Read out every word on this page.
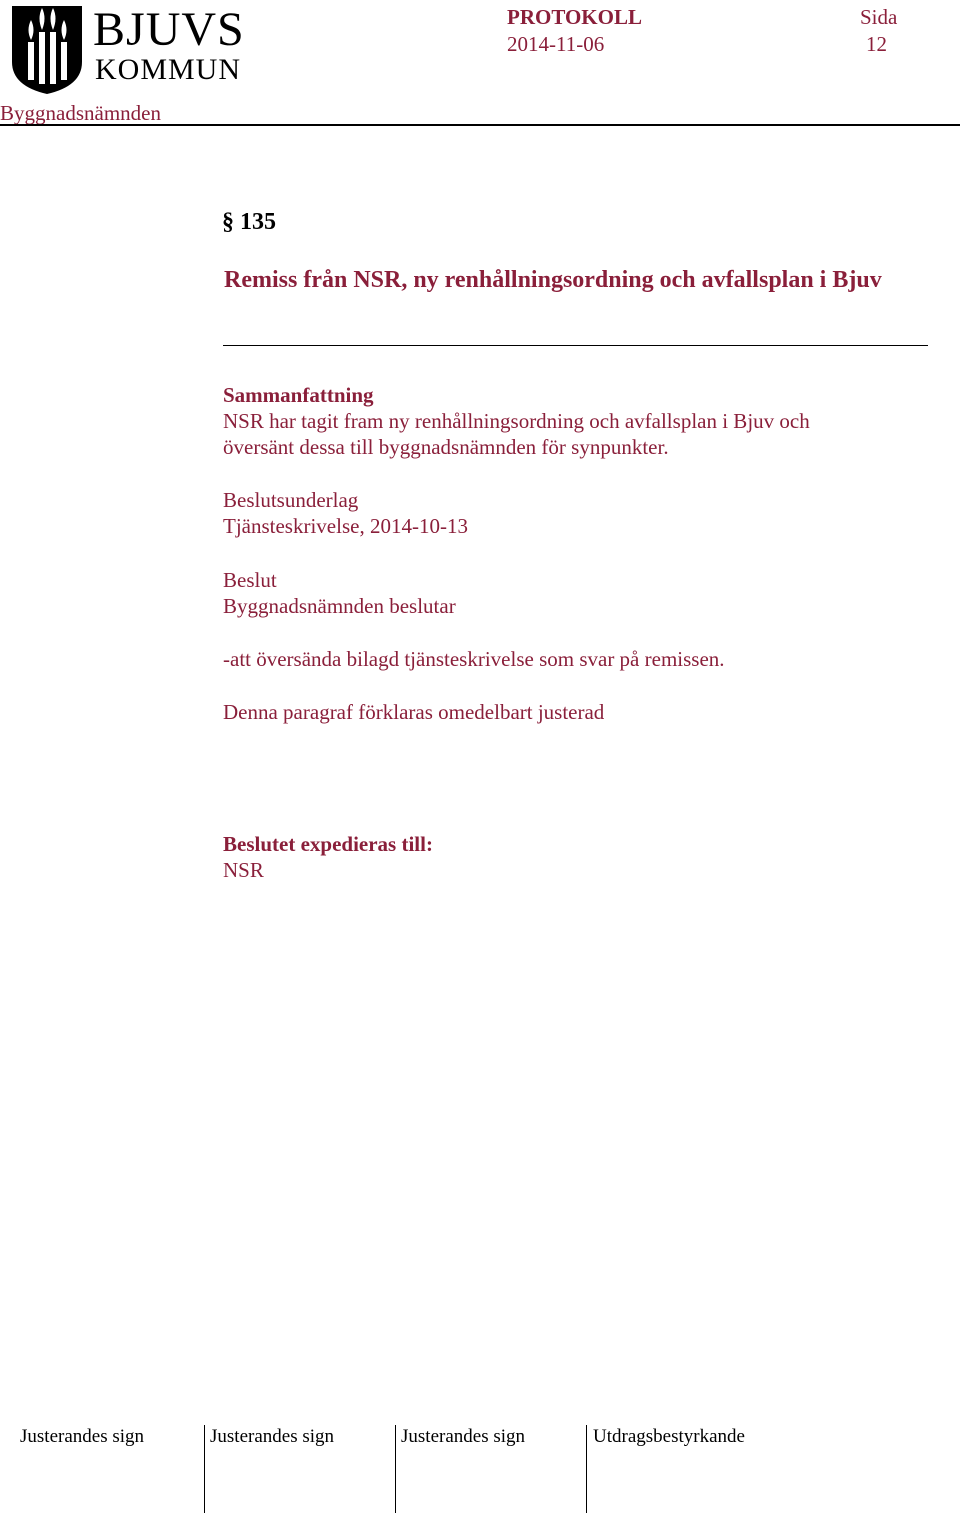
BJUVS
KOMMUN
PROTOKOLL	Sida
2014-11-06	12
Byggnadsnämnden
§ 135
Remiss från NSR, ny renhållningsordning och avfallsplan i Bjuv
Sammanfattning
NSR har tagit fram ny renhållningsordning och avfallsplan i Bjuv och
översänt dessa till byggnadsnämnden för synpunkter.
Beslutsunderlag
Tjänsteskrivelse, 2014-10-13
Beslut
Byggnadsnämnden beslutar
-att översända bilagd tjänsteskrivelse som svar på remissen.
Denna paragraf förklaras omedelbart justerad
Beslutet expedieras till:
NSR
Justerandes sign	Justerandes sign	Justerandes sign	Utdragsbestyrkande
